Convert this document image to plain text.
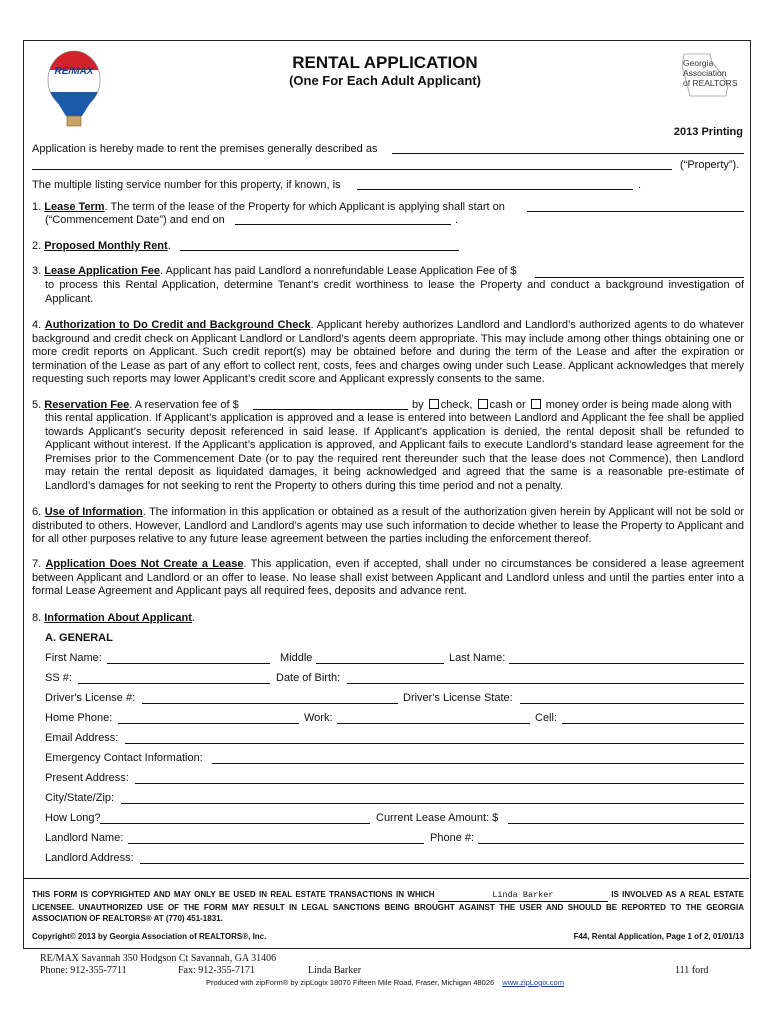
RE/MAX	RENTAL APPLICATION
(One For Each Adult Applicant)
Georgia
Association
of REALTORS
2013 Printing
Application is hereby made to rent the premises generally described as
(“Property”).
The multiple listing service number for this property, if known, is	.
1. Lease Term. The term of the lease of the Property for which Applicant is applying shall start on
(“Commencement Date”) and end on	.
2. Proposed Monthly Rent.
3. Lease Application Fee. Applicant has paid Landlord a nonrefundable Lease Application Fee of $
to process this Rental Application, determine Tenant’s credit worthiness to lease the Property and conduct a background investigation of Applicant.
4. Authorization to Do Credit and Background Check. Applicant hereby authorizes Landlord and Landlord’s authorized agents to do whatever background and credit check on Applicant Landlord or Landlord’s agents deem appropriate. This may include among other things obtaining one or more credit reports on Applicant. Such credit report(s) may be obtained before and during the term of the Lease and after the expiration or termination of the Lease as part of any effort to collect rent, costs, fees and charges owing under such Lease. Applicant acknowledges that merely requesting such reports may lower Applicant’s credit score and Applicant expressly consents to the same.
5. Reservation Fee. A reservation fee of $	by check, cash or money order is being made along with
this rental application. If Applicant’s application is approved and a lease is entered into between Landlord and Applicant the fee shall be applied towards Applicant’s security deposit referenced in said lease. If Applicant’s application is denied, the rental deposit shall be refunded to Applicant without interest. If the Applicant’s application is approved, and Applicant fails to execute Landlord’s standard lease agreement for the Premises prior to the Commencement Date (or to pay the required rent thereunder such that the lease does not Commence), then Landlord may retain the rental deposit as liquidated damages, it being acknowledged and agreed that the same is a reasonable pre-estimate of Landlord’s damages for not seeking to rent the Property to others during this time period and not a penalty.
6. Use of Information. The information in this application or obtained as a result of the authorization given herein by Applicant will not be sold or distributed to others. However, Landlord and Landlord’s agents may use such information to decide whether to lease the Property to Applicant and for all other purposes relative to any future lease agreement between the parties including the enforcement thereof.
7. Application Does Not Create a Lease. This application, even if accepted, shall under no circumstances be considered a lease agreement between Applicant and Landlord or an offer to lease. No lease shall exist between Applicant and Landlord unless and until the parties enter into a formal Lease Agreement and Applicant pays all required fees, deposits and advance rent.
8. Information About Applicant.
A. GENERAL
First Name:	Middle	Last Name:
SS #:	Date of Birth:
Driver's License #:	Driver's License State:
Home Phone:	Work:	Cell:
Email Address:
Emergency Contact Information:
Present Address:
City/State/Zip:
How Long?	Current Lease Amount: $
Landlord Name:	Phone #:
Landlord Address:
THIS FORM IS COPYRIGHTED AND MAY ONLY BE USED IN REAL ESTATE TRANSACTIONS IN WHICH	Linda Barker	IS INVOLVED AS A REAL ESTATE LICENSEE. UNAUTHORIZED USE OF THE FORM MAY RESULT IN LEGAL SANCTIONS BEING BROUGHT AGAINST THE USER AND SHOULD BE REPORTED TO THE GEORGIA ASSOCIATION OF REALTORS® AT (770) 451-1831.
Copyright© 2013 by Georgia Association of REALTORS®, Inc.	F44, Rental Application, Page 1 of 2, 01/01/13
RE/MAX Savannah 350 Hodgson Ct Savannah, GA 31406
Phone: 912-355-7711	Fax: 912-355-7171	Linda Barker	111 ford
Produced with zipForm® by zipLogix 18070 Fifteen Mile Road, Fraser, Michigan 48026 www.zipLogix.com
